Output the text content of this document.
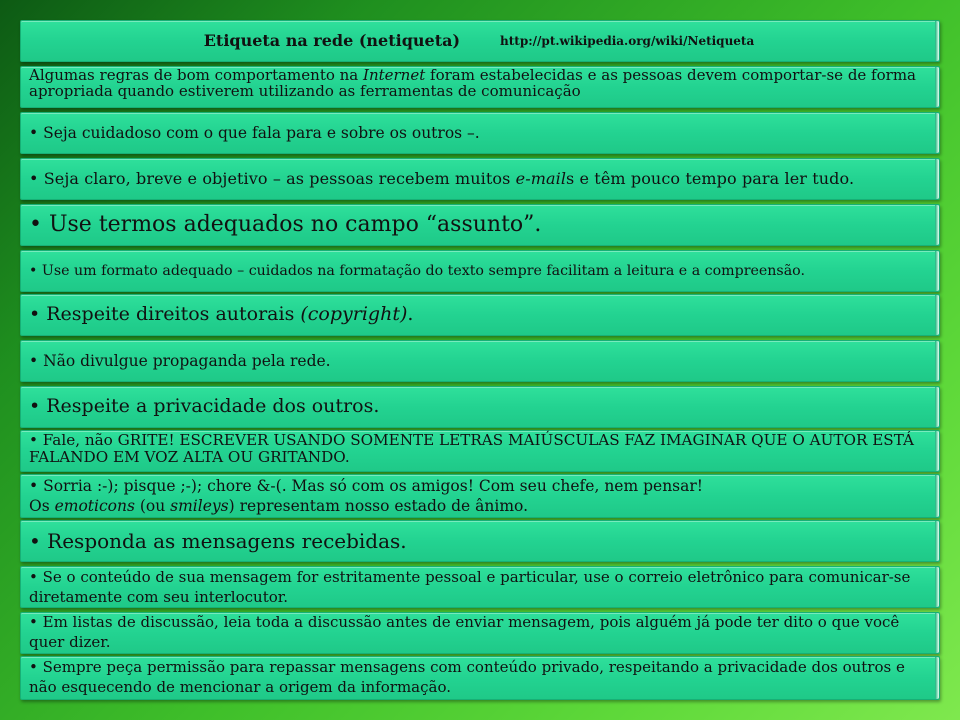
Etiqueta na rede (netiqueta)	http://pt.wikipedia.org/wiki/Netiqueta
Algumas regras de bom comportamento na Internet foram estabelecidas e as pessoas devem comportar-se de forma apropriada quando estiverem utilizando as ferramentas de comunicação
• Seja cuidadoso com o que fala para e sobre os outros –.
• Seja claro, breve e objetivo – as pessoas recebem muitos e-mails e têm pouco tempo para ler tudo.
• Use termos adequados no campo “assunto”.
• Use um formato adequado – cuidados na formatação do texto sempre facilitam a leitura e a compreensão.
• Respeite direitos autorais (copyright).
• Não divulgue propaganda pela rede.
• Respeite a privacidade dos outros.
• Fale, não GRITE! ESCREVER USANDO SOMENTE LETRAS MAIÚSCULAS FAZ IMAGINAR QUE O AUTOR ESTÁ FALANDO EM VOZ ALTA OU GRITANDO.
• Sorria :-); pisque ;-); chore &-(. Mas só com os amigos! Com seu chefe, nem pensar!
Os emoticons (ou smileys) representam nosso estado de ânimo.
• Responda as mensagens recebidas.
• Se o conteúdo de sua mensagem for estritamente pessoal e particular, use o correio eletrônico para comunicar-se diretamente com seu interlocutor.
• Em listas de discussão, leia toda a discussão antes de enviar mensagem, pois alguém já pode ter dito o que você quer dizer.
• Sempre peça permissão para repassar mensagens com conteúdo privado, respeitando a privacidade dos outros e não esquecendo de mencionar a origem da informação.
